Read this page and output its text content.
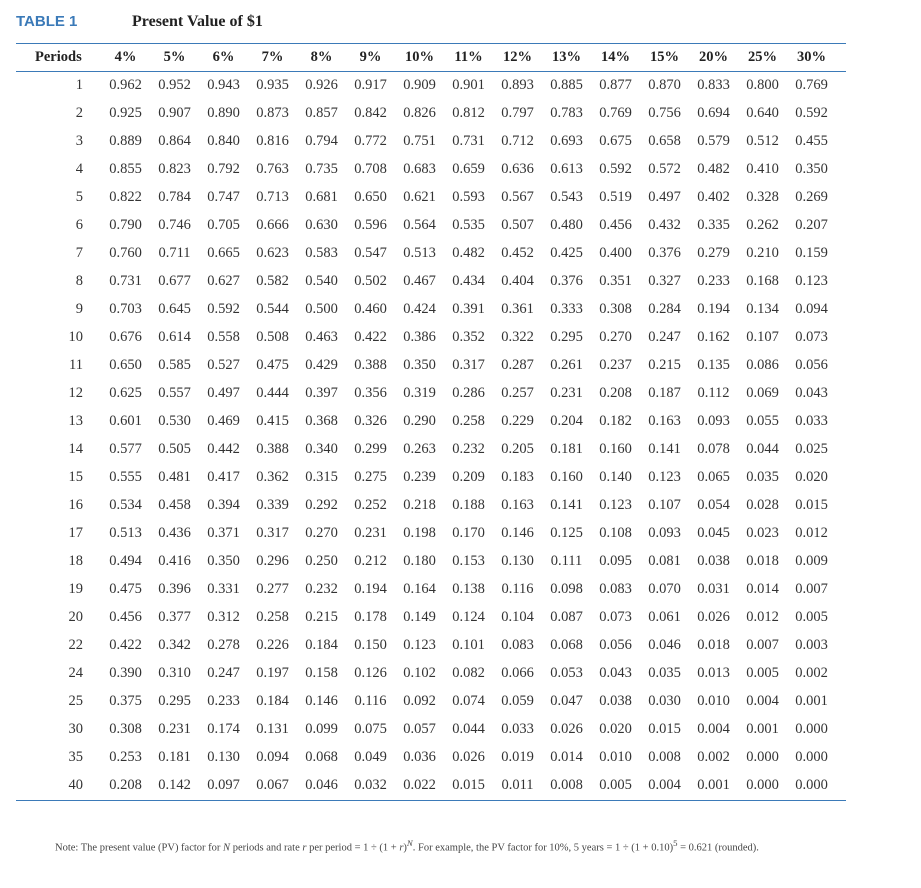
TABLE 1	Present Value of $1
Periods	4%	5%	6%	7%	8%	9%	10%	11%	12%	13%	14%	15%	20%	25%	30%
1	0.962	0.952	0.943	0.935	0.926	0.917	0.909	0.901	0.893	0.885	0.877	0.870	0.833	0.800	0.769
2	0.925	0.907	0.890	0.873	0.857	0.842	0.826	0.812	0.797	0.783	0.769	0.756	0.694	0.640	0.592
3	0.889	0.864	0.840	0.816	0.794	0.772	0.751	0.731	0.712	0.693	0.675	0.658	0.579	0.512	0.455
4	0.855	0.823	0.792	0.763	0.735	0.708	0.683	0.659	0.636	0.613	0.592	0.572	0.482	0.410	0.350
5	0.822	0.784	0.747	0.713	0.681	0.650	0.621	0.593	0.567	0.543	0.519	0.497	0.402	0.328	0.269
6	0.790	0.746	0.705	0.666	0.630	0.596	0.564	0.535	0.507	0.480	0.456	0.432	0.335	0.262	0.207
7	0.760	0.711	0.665	0.623	0.583	0.547	0.513	0.482	0.452	0.425	0.400	0.376	0.279	0.210	0.159
8	0.731	0.677	0.627	0.582	0.540	0.502	0.467	0.434	0.404	0.376	0.351	0.327	0.233	0.168	0.123
9	0.703	0.645	0.592	0.544	0.500	0.460	0.424	0.391	0.361	0.333	0.308	0.284	0.194	0.134	0.094
10	0.676	0.614	0.558	0.508	0.463	0.422	0.386	0.352	0.322	0.295	0.270	0.247	0.162	0.107	0.073
11	0.650	0.585	0.527	0.475	0.429	0.388	0.350	0.317	0.287	0.261	0.237	0.215	0.135	0.086	0.056
12	0.625	0.557	0.497	0.444	0.397	0.356	0.319	0.286	0.257	0.231	0.208	0.187	0.112	0.069	0.043
13	0.601	0.530	0.469	0.415	0.368	0.326	0.290	0.258	0.229	0.204	0.182	0.163	0.093	0.055	0.033
14	0.577	0.505	0.442	0.388	0.340	0.299	0.263	0.232	0.205	0.181	0.160	0.141	0.078	0.044	0.025
15	0.555	0.481	0.417	0.362	0.315	0.275	0.239	0.209	0.183	0.160	0.140	0.123	0.065	0.035	0.020
16	0.534	0.458	0.394	0.339	0.292	0.252	0.218	0.188	0.163	0.141	0.123	0.107	0.054	0.028	0.015
17	0.513	0.436	0.371	0.317	0.270	0.231	0.198	0.170	0.146	0.125	0.108	0.093	0.045	0.023	0.012
18	0.494	0.416	0.350	0.296	0.250	0.212	0.180	0.153	0.130	0.111	0.095	0.081	0.038	0.018	0.009
19	0.475	0.396	0.331	0.277	0.232	0.194	0.164	0.138	0.116	0.098	0.083	0.070	0.031	0.014	0.007
20	0.456	0.377	0.312	0.258	0.215	0.178	0.149	0.124	0.104	0.087	0.073	0.061	0.026	0.012	0.005
22	0.422	0.342	0.278	0.226	0.184	0.150	0.123	0.101	0.083	0.068	0.056	0.046	0.018	0.007	0.003
24	0.390	0.310	0.247	0.197	0.158	0.126	0.102	0.082	0.066	0.053	0.043	0.035	0.013	0.005	0.002
25	0.375	0.295	0.233	0.184	0.146	0.116	0.092	0.074	0.059	0.047	0.038	0.030	0.010	0.004	0.001
30	0.308	0.231	0.174	0.131	0.099	0.075	0.057	0.044	0.033	0.026	0.020	0.015	0.004	0.001	0.000
35	0.253	0.181	0.130	0.094	0.068	0.049	0.036	0.026	0.019	0.014	0.010	0.008	0.002	0.000	0.000
40	0.208	0.142	0.097	0.067	0.046	0.032	0.022	0.015	0.011	0.008	0.005	0.004	0.001	0.000	0.000
Note: The present value (PV) factor for N periods and rate r per period = $1 \div (1 + r)^N$. For example, the PV factor for 10%, 5 years = $1 \div (1 + 0.10)^5 = 0.621$ (rounded).
